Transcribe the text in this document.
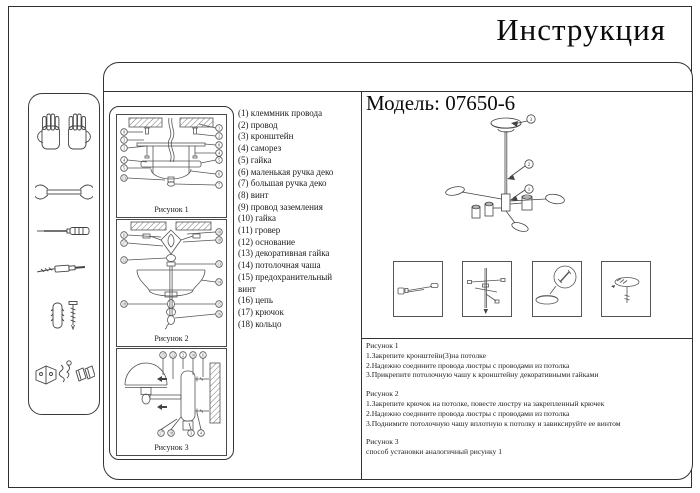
Инструкция
9
3
1
4
5
13
1
2
8
4
5
6
7
Рисунок 1
11
17
12
18
10
18
13
14
15
16
Рисунок 2
15 12 2 10 11
17 18	3 4
Рисунок 3
(1) клеммник провода
(2) провод
(3) кронштейн
(4) саморез
(5) гайка
(6) маленькая ручка деко
(7) большая ручка деко
(8) винт
(9) провод заземления
(10) гайка
(11) гровер
(12) основание
(13) декоративная гайка
(14) потолочная чаша
(15) предохранительный винт
(16) цепь
(17) крючок
(18) кольцо
Модель: 07650-6
3
2
1
Рисунок 1
1.Закрепите кронштейн(3)на потолке
2.Надежно соедините провода люстры с проводами из потолка
3.Прикрепите потолочную чашу к кронштейну декоративными гайками
Рисунок 2
1.Закрепите крючок на потолке, повесте люстру на закрепленный крючек
2.Надежно соедините провода люстры с проводами из потолка
3.Поднимите потолочную чашу вплотную к потолку и завиксируйте ее винтом
Рисунок 3
способ установки аналогичный рисунку 1
